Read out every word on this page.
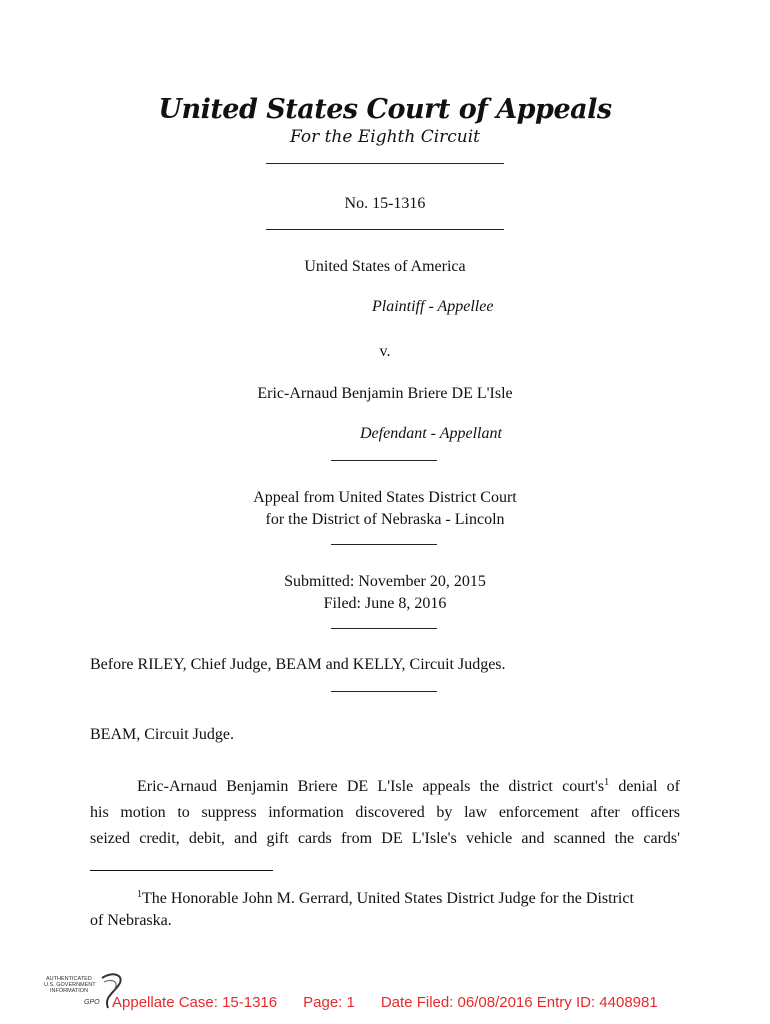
United States Court of Appeals
For the Eighth Circuit
No. 15-1316
United States of America
Plaintiff - Appellee
v.
Eric-Arnaud Benjamin Briere DE L'Isle
Defendant - Appellant
Appeal from United States District Court
for the District of Nebraska - Lincoln
Submitted: November 20, 2015
Filed: June 8, 2016
Before RILEY, Chief Judge, BEAM and KELLY, Circuit Judges.
BEAM, Circuit Judge.
Eric-Arnaud Benjamin Briere DE L'Isle appeals the district $court's^1$ denial of
his motion to suppress information discovered by law enforcement after officers
seized credit, debit, and gift cards from DE L'Isle's vehicle and scanned the cards'
$^1$The Honorable John M. Gerrard, United States District Judge for the District
of Nebraska.
AUTHENTICATED
U.S. GOVERNMENT
INFORMATION
GPO Appellate Case: 15-1316 Page: 1 Date Filed: 06/08/2016 Entry ID: 4408981
